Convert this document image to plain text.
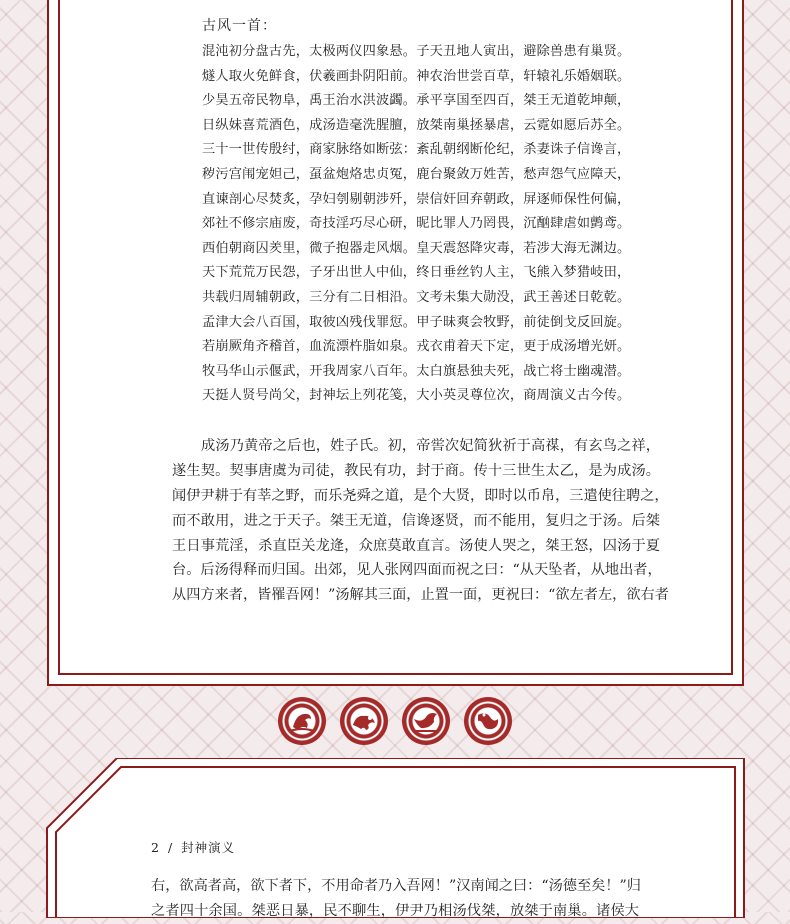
古风一首：
混沌初分盘古先，太极两仪四象悬。子天丑地人寅出，避除兽患有巢贤。
燧人取火免鲜食，伏羲画卦阴阳前。神农治世尝百草，轩辕礼乐婚姻联。
少昊五帝民物阜，禹王治水洪波蠲。承平享国至四百，桀王无道乾坤颠，
日纵妹喜荒酒色，成汤造毫洗腥膻，放桀南巢拯暴虐，云霓如愿后苏全。
三十一世传殷纣，商家脉络如断弦：紊乱朝纲断伦纪，杀妻诛子信谗言，
秽污宫闱宠妲己，虿盆炮烙忠贞冤，鹿台聚敛万姓苦，愁声怨气应障天，
直谏剖心尽焚炙，孕妇刳剔朝涉歼，崇信奸回弃朝政，屏逐师保性何偏，
郊社不修宗庙废，奇技淫巧尽心研，昵比罪人乃罔畏，沉酗肆虐如鹯鸢。
西伯朝商囚羑里，微子抱器走风烟。皇天震怒降灾毒，若涉大海无渊边。
天下荒荒万民怨，子牙出世人中仙，终日垂丝钓人主，飞熊入梦猎岐田，
共载归周辅朝政，三分有二日相沿。文考未集大勋没，武王善述日乾乾。
孟津大会八百国，取彼凶残伐罪愆。甲子昧爽会牧野，前徒倒戈反回旋。
若崩厥角齐稽首，血流漂杵脂如泉。戎衣甫着天下定，更于成汤增光妍。
牧马华山示偃武，开我周家八百年。太白旗悬独夫死，战亡将士幽魂潜。
天挺人贤号尚父，封神坛上列花笺，大小英灵尊位次，商周演义古今传。
成汤乃黄帝之后也，姓子氏。初，帝喾次妃简狄祈于高禖，有玄鸟之祥，
遂生契。契事唐虞为司徒，教民有功，封于商。传十三世生太乙，是为成汤。
闻伊尹耕于有莘之野，而乐尧舜之道，是个大贤，即时以币帛，三遣使往聘之，
而不敢用，进之于天子。桀王无道，信谗逐贤，而不能用，复归之于汤。后桀
王日事荒淫，杀直臣关龙逄，众庶莫敢直言。汤使人哭之，桀王怒，囚汤于夏
台。后汤得释而归国。出郊，见人张网四面而祝之曰：“从天坠者，从地出者，
从四方来者，皆罹吾网！”汤解其三面，止置一面，更祝曰：“欲左者左，欲右者
2 / 封神演义
右，欲高者高，欲下者下，不用命者乃入吾网！”汉南闻之曰：“汤德至矣！”归
之者四十余国。桀恶日暴，民不聊生，伊尹乃相汤伐桀，放桀于南巢。诸侯大
